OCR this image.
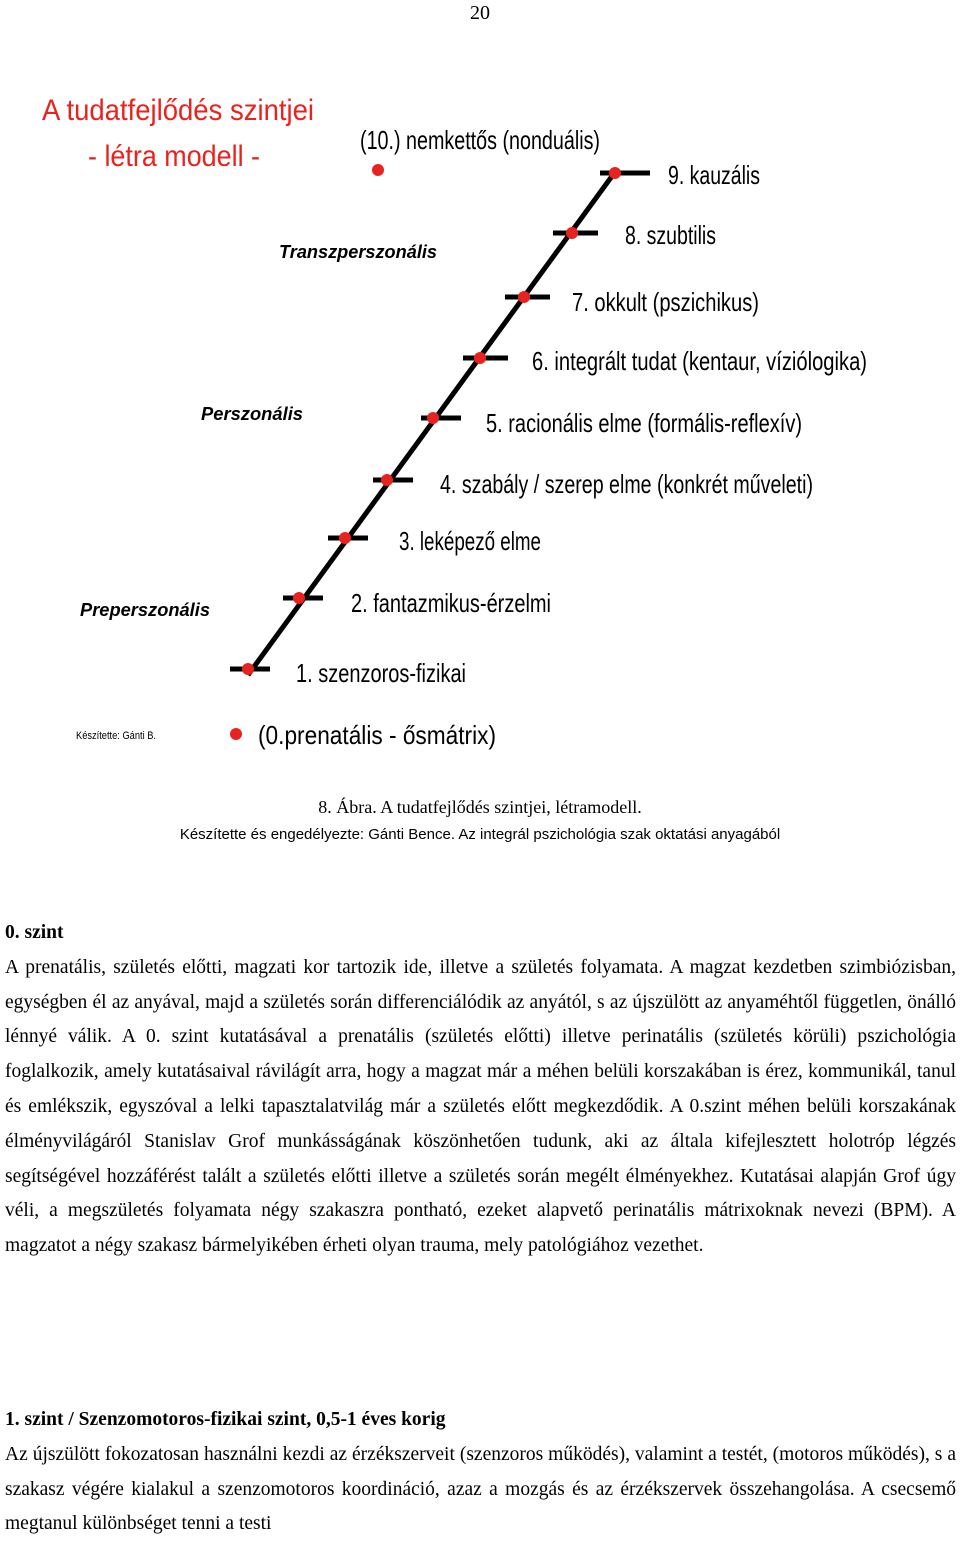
20
A tudatfejlődés szintjei
- létra modell -
Transzperszonális
Perszonális
Preperszonális
Készítette: Gánti B.	(0.prenatális - ősmátrix)
1. szenzoros-fizikai
2. fantazmikus-érzelmi
3. leképező elme
4. szabály / szerep elme (konkrét műveleti)
5. racionális elme (formális-reflexív)
6. integrált tudat (kentaur, víziólogika)
7. okkult (pszichikus)
8. szubtilis
9. kauzális
(10.) nemkettős (nonduális)
8. Ábra. A tudatfejlődés szintjei, létramodell.
Készítette és engedélyezte: Gánti Bence. Az integrál pszichológia szak oktatási anyagából
0. szint

A prenatális, születés előtti, magzati kor tartozik ide, illetve a születés folyamata. A magzat kezdetben szimbiózisban, egységben él az anyával, majd a születés során differenciálódik az anyától, s az újszülött az anyaméhtől független, önálló lénnyé válik. A 0. szint kutatásával a prenatális (születés előtti) illetve perinatális (születés körüli) pszichológia foglalkozik, amely kutatásaival rávilágít arra, hogy a magzat már a méhen belüli korszakában is érez, kommunikál, tanul és emlékszik, egyszóval a lelki tapasztalatvilág már a születés előtt megkezdődik. A 0.szint méhen belüli korszakának élményvilágáról Stanislav Grof munkásságának köszönhetően tudunk, aki az általa kifejlesztett holotróp légzés segítségével hozzáférést talált a születés előtti illetve a születés során megélt élményekhez. Kutatásai alapján Grof úgy véli, a megszületés folyamata négy szakaszra pontható, ezeket alapvető perinatális mátrixoknak nevezi (BPM). A magzatot a négy szakasz bármelyikében érheti olyan trauma, mely patológiához vezethet.

1. szint / Szenzomotoros-fizikai szint, 0,5-1 éves korig

Az újszülött fokozatosan használni kezdi az érzékszerveit (szenzoros működés), valamint a testét, (motoros működés), s a szakasz végére kialakul a szenzomotoros koordináció, azaz a mozgás és az érzékszervek összehangolása. A csecsemő megtanul különbséget tenni a testi
